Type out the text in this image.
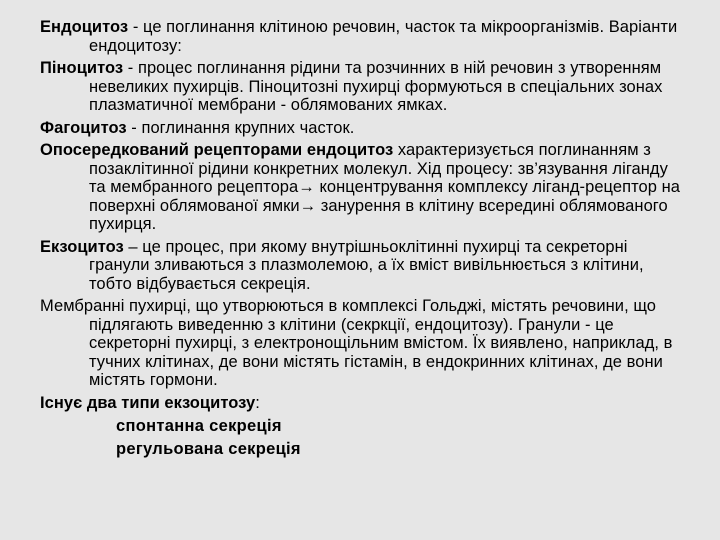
Ендоцитоз - це поглинання клітиною речовин, часток та мікроорганізмів. Варіанти ендоцитозу:

Піноцитоз - процес поглинання рідини та розчинних в ній речовин з утворенням невеликих пухирців. Піноцитозні пухирці формуються в спеціальних зонах плазматичної мембрани - облямованих ямках.

Фагоцитоз - поглинання крупних часток.

Опосередкований рецепторами ендоцитоз характеризується поглинанням з позаклітинної рідини конкретних молекул. Хід процесу: зв’язування ліганду та мембранного рецептора→ концентрування комплексу ліганд-рецептор на поверхні облямованої ямки→ занурення в клітину всередині облямованого пухирця.

Екзоцитоз – це процес, при якому внутрішньоклітинні пухирці та секреторні гранули зливаються з плазмолемою, а їх вміст вивільнюється з клітини, тобто відбувається секреція.

Мембранні пухирці, що утворюються в комплексі Гольджі, містять речовини, що підлягають виведенню з клітини (секркції, ендоцитозу). Гранули - це секреторні пухирці, з електронощільним вмістом. Їх виявлено, наприклад, в тучних клітинах, де вони містять гістамін, в ендокринних клітинах, де вони містять гормони.

Існує два типи екзоцитозу:

спонтанна секреція
регульована секреція
